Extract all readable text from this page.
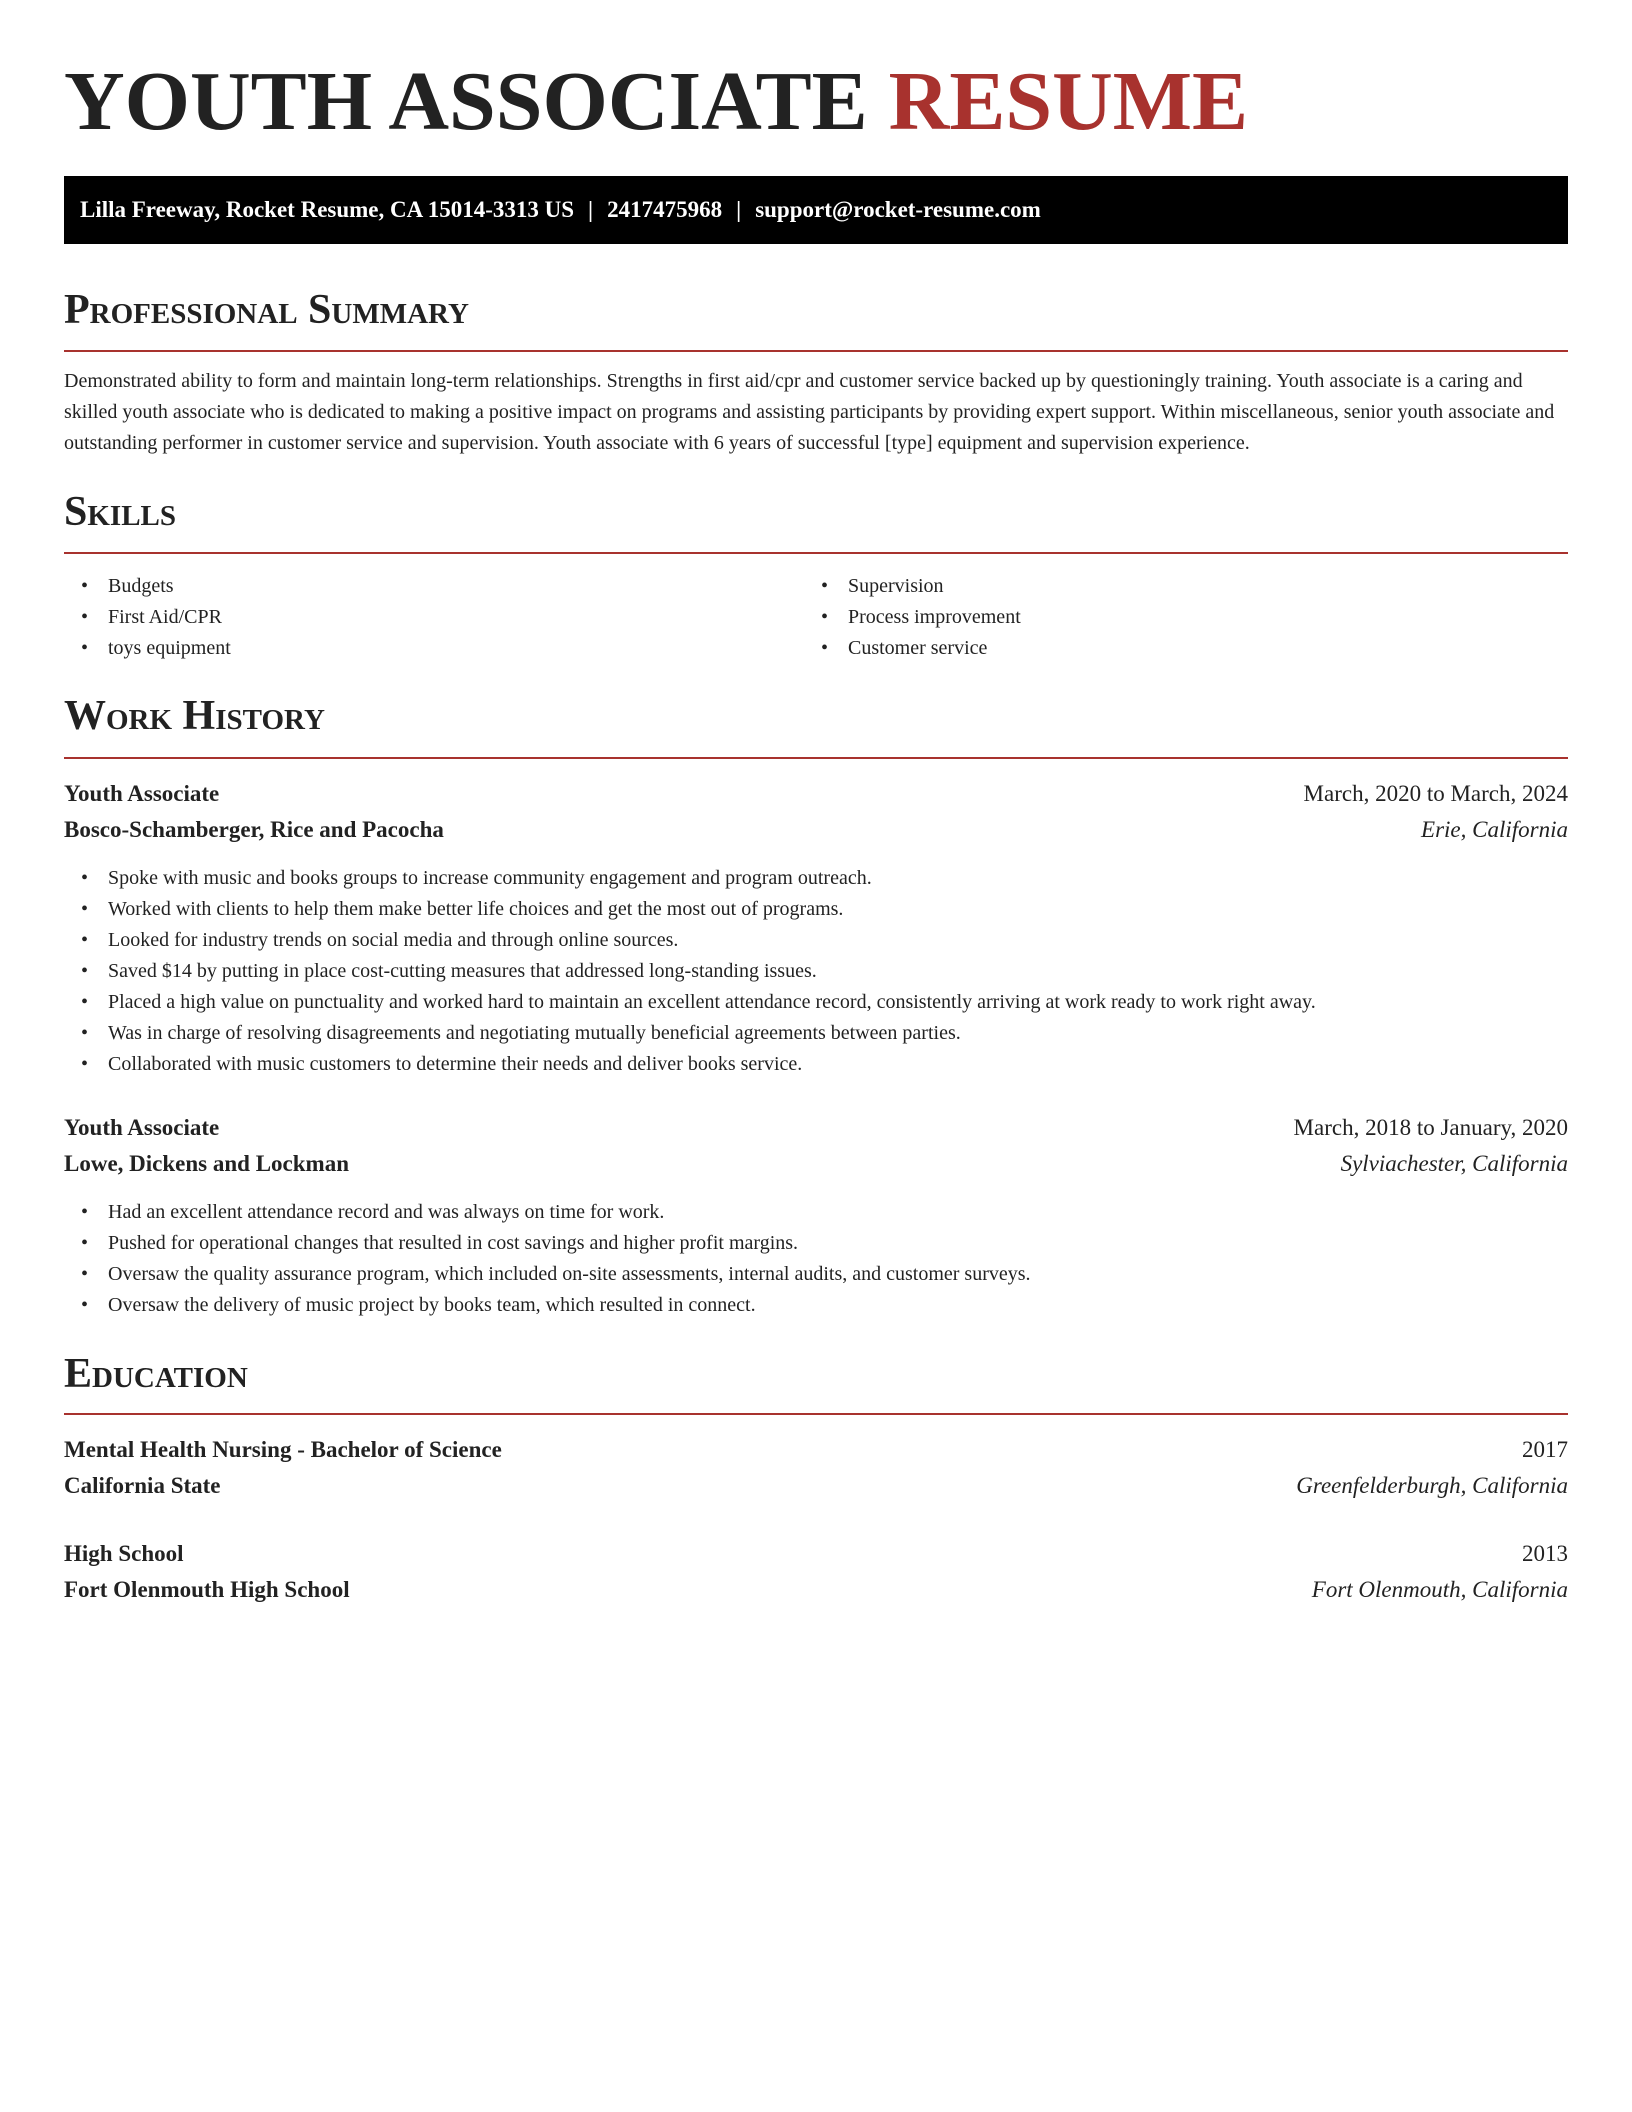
YOUTH ASSOCIATE RESUME
Lilla Freeway, Rocket Resume, CA 15014-3313 US | 2417475968 | support@rocket-resume.com
Professional Summary

Demonstrated ability to form and maintain long-term relationships. Strengths in first aid/cpr and customer service backed up by questioningly training. Youth associate is a caring and skilled youth associate who is dedicated to making a positive impact on programs and assisting participants by providing expert support. Within miscellaneous, senior youth associate and outstanding performer in customer service and supervision. Youth associate with 6 years of successful [type] equipment and supervision experience.

Skills
• Budgets
• First Aid/CPR
• toys equipment
• Supervision
• Process improvement
• Customer service
Work History
Youth Associate	March, 2020 to March, 2024
Bosco-Schamberger, Rice and Pacocha	Erie, California
• Spoke with music and books groups to increase community engagement and program outreach.
• Worked with clients to help them make better life choices and get the most out of programs.
• Looked for industry trends on social media and through online sources.
• Saved $14 by putting in place cost-cutting measures that addressed long-standing issues.
• Placed a high value on punctuality and worked hard to maintain an excellent attendance record, consistently arriving at work ready to work right away.
• Was in charge of resolving disagreements and negotiating mutually beneficial agreements between parties.
• Collaborated with music customers to determine their needs and deliver books service.
Youth Associate	March, 2018 to January, 2020
Lowe, Dickens and Lockman	Sylviachester, California
• Had an excellent attendance record and was always on time for work.
• Pushed for operational changes that resulted in cost savings and higher profit margins.
• Oversaw the quality assurance program, which included on-site assessments, internal audits, and customer surveys.
• Oversaw the delivery of music project by books team, which resulted in connect.
Education
Mental Health Nursing - Bachelor of Science	2017
California State	Greenfelderburgh, California
High School	2013
Fort Olenmouth High School	Fort Olenmouth, California
